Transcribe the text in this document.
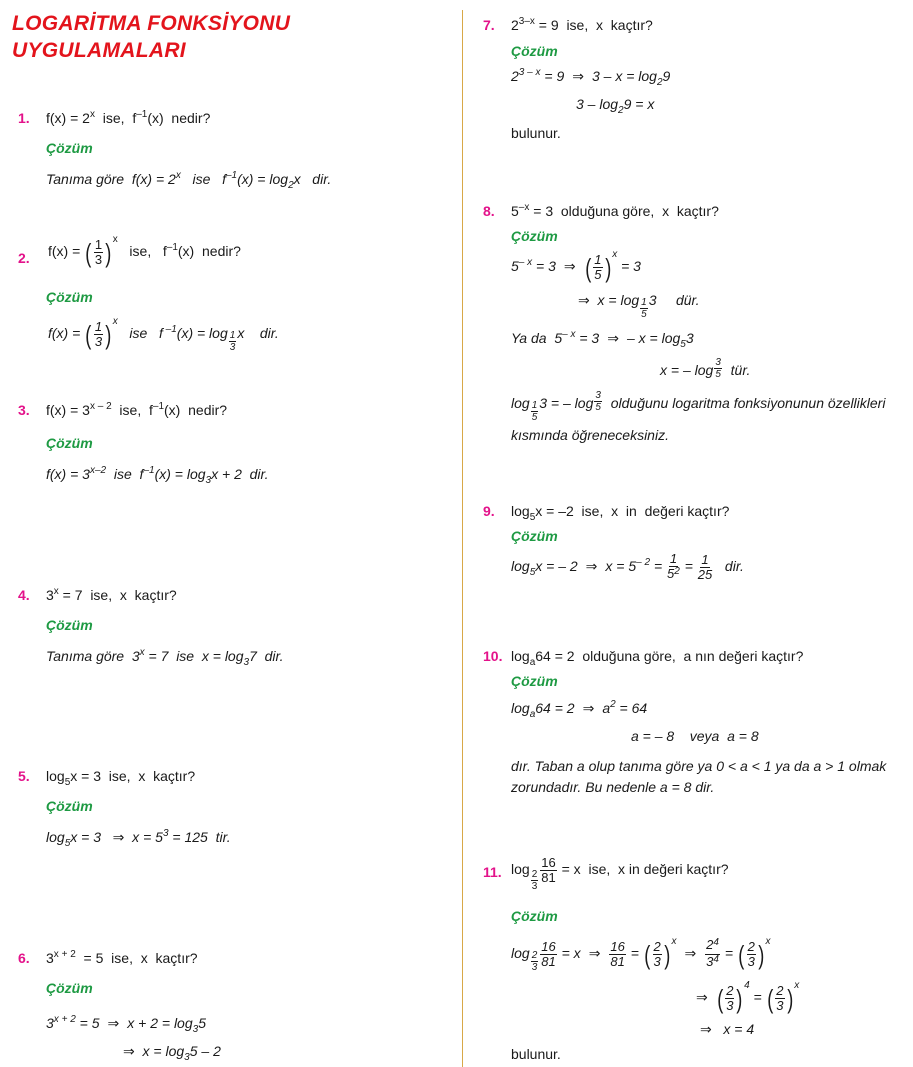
LOGARİTMA FONKSİYONU
UYGULAMALARI
1. $f(x) = 2^x$  ise,  $f^{-1}(x)$  nedir?
Çözüm
Tanıma göre  $f(x) = 2^x$ ise   $f^{-1}(x) = \log_2x$   dir.
2. f(x) = ( $\frac{1}{3} )^x$   ise,   $f^{-1}(x)$  nedir?
Çözüm
f(x) = ( $\frac{1}{3} )^x$   ise   f $^{-1}(x) = \log \frac{1}{3}$ x    dir.
3. $f(x) = 3^{x - 2}$  ise,  $f^{-1}(x)$  nedir?
Çözüm
$f(x) = 3^{x-2}$  ise  $f^{-1}(x) = \log_3x + 2$  dir.
4. $3^x = 7$  ise,  x  kaçtır?
Çözüm
Tanıma göre  $3^x = 7$  ise  $x = \log_37$  dir.
5. $\log_5x = 3$  ise,  x  kaçtır?
Çözüm
$\log_5x = 3$   ⇒  $x = 5^3 = 125$  tir.
6. $3^{x + 2} = 5$  ise,  x  kaçtır?
Çözüm
$3^{x + 2} = 5$ ⇒ $x + 2 = \log_35$
⇒  $x = \log_35 - 2$
7. $2^{3-x} = 9$  ise,  x  kaçtır?
Çözüm
$2^{3 - x} = 9$ ⇒ $3 - x = \log_29$
$3 - \log_29 = x$
bulunur.
8. $5^{-x} = 3$  olduğuna göre,  x  kaçtır?
Çözüm
$5^{- x} = 3$ ⇒ ( $\frac{1}{5} )^x = 3$
⇒  $x = \log \frac{1}{5} 3$     dür.
Ya da  $5^{- x} = 3$ ⇒ – $x = \log_53$
x = – $\log \frac{3}{5}$ tür.
$\log \frac{1}{5} 3$ = – $\log \frac{3}{5}$ olduğunu logaritma fonksiyonunun özellikleri
kısmında öğreneceksiniz.
9. $\log_5x = -2$  ise,  x  in  değeri kaçtır?
Çözüm
$\log_5x$ = – 2 ⇒ $x = 5^{- 2} = \frac{1}{5^2} = \frac{1}{25}$ dir.
10. $\log_a64 = 2$  olduğuna göre,  a nın değeri kaçtır?
Çözüm
$\log_a64 = 2$ ⇒ $a^2 = 64$
a = – 8    veya  a = 8
dır. Taban a olup tanıma göre ya 0 < a < 1 ya da a > 1 olmak
zorundadır. Bu nedenle a = 8 dir.
11. $\log \frac{2}{3} \frac{16}{81} = x$  ise,  x in değeri kaçtır?
Çözüm
$\log \frac{2}{3} \frac{16}{81} = x$ ⇒ $\frac{16}{81}$ = ( $\frac{2}{3}$ )$^x$⇒ $\frac{2^4}{3^4}$ = ( $\frac{2}{3} )^x$
⇒ ( $\frac{2}{3} )^4$ = ( $\frac{2}{3} )^x$
⇒   x = 4
bulunur.
